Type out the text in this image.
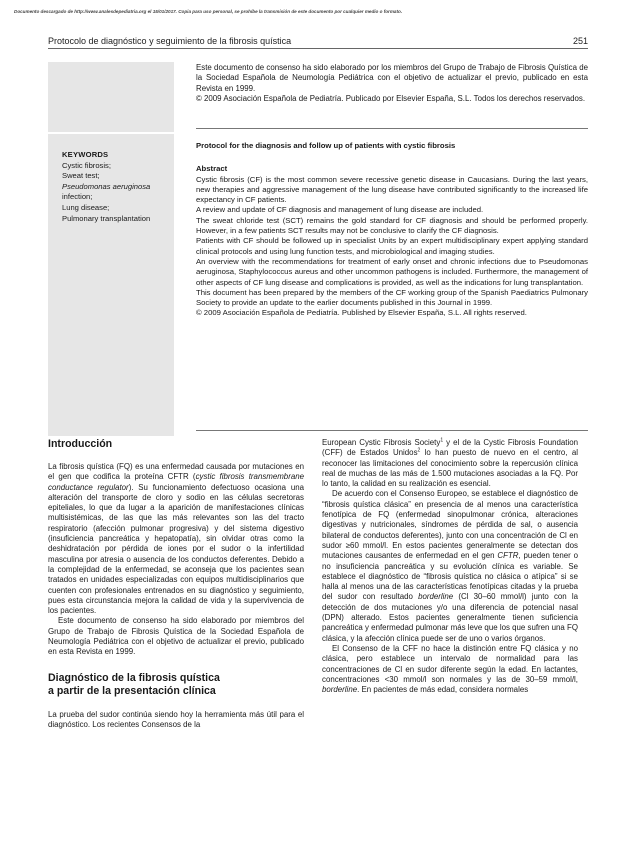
Documento descargado de http://www.analesdepediatria.org el 15/01/2017. Copia para uso personal, se prohíbe la transmisión de este documento por cualquier medio o formato.
Protocolo de diagnóstico y seguimiento de la fibrosis quística	251
Este documento de consenso ha sido elaborado por los miembros del Grupo de Trabajo de Fibrosis Quística de la Sociedad Española de Neumología Pediátrica con el objetivo de actualizar el previo, publicado en esta Revista en 1999.
© 2009 Asociación Española de Pediatría. Publicado por Elsevier España, S.L. Todos los derechos reservados.
KEYWORDS
Cystic fibrosis;
Sweat test;
Pseudomonas aeruginosa infection;
Lung disease;
Pulmonary transplantation
Protocol for the diagnosis and follow up of patients with cystic fibrosis
Abstract

Cystic fibrosis (CF) is the most common severe recessive genetic disease in Caucasians. During the last years, new therapies and aggressive management of the lung disease have contributed significantly to the increased life expectancy in CF patients.

A review and update of CF diagnosis and management of lung disease are included.

The sweat chloride test (SCT) remains the gold standard for CF diagnosis and should be performed properly. However, in a few patients SCT results may not be conclusive to clarify the CF diagnosis.

Patients with CF should be followed up in specialist Units by an expert multidisciplinary expert applying standard clinical protocols and using lung function tests, and microbiological and imaging studies.

An overview with the recommendations for treatment of early onset and chronic infections due to Pseudomonas aeruginosa, Staphylococcus aureus and other uncommon pathogens is included. Furthermore, the management of other aspects of CF lung disease and complications is provided, as well as the indications for lung transplantation.

This document has been prepared by the members of the CF working group of the Spanish Paediatrics Pulmonary Society to provide an update to the earlier documents published in this Journal in 1999.

© 2009 Asociación Española de Pediatría. Published by Elsevier España, S.L. All rights reserved.

Introducción

La fibrosis quística (FQ) es una enfermedad causada por mutaciones en el gen que codifica la proteína CFTR (cystic fibrosis transmembrane conductance regulator). Su funcionamiento defectuoso ocasiona una alteración del transporte de cloro y sodio en las células secretoras epiteliales, lo que da lugar a la aparición de manifestaciones clínicas multisistémicas, de las que las más relevantes son las del tracto respiratorio (afección pulmonar progresiva) y del sistema digestivo (insuficiencia pancreática y hepatopatía), sin olvidar otras como la deshidratación por pérdida de iones por el sudor o la infertilidad masculina por atresia o ausencia de los conductos deferentes. Debido a la complejidad de la enfermedad, se aconseja que los pacientes sean tratados en unidades especializadas con equipos multidisciplinarios que cuenten con profesionales entrenados en su diagnóstico y seguimiento, pues esta circunstancia mejora la calidad de vida y la supervivencia de los pacientes.

Este documento de consenso ha sido elaborado por miembros del Grupo de Trabajo de Fibrosis Quística de la Sociedad Española de Neumología Pediátrica con el objetivo de actualizar el previo, publicado en esta Revista en 1999.

Diagnóstico de la fibrosis quística
a partir de la presentación clínica

La prueba del sudor continúa siendo hoy la herramienta más útil para el diagnóstico. Los recientes Consensos de la

European Cystic Fibrosis Society$^1$ y el de la Cystic Fibrosis Foundation (CFF) de Estados Unidos$^2$ lo han puesto de nuevo en el centro, al reconocer las limitaciones del conocimiento sobre la repercusión clínica real de muchas de las más de 1.500 mutaciones asociadas a la FQ. Por lo tanto, la calidad en su realización es esencial.

De acuerdo con el Consenso Europeo, se establece el diagnóstico de “fibrosis quística clásica” en presencia de al menos una característica fenotípica de FQ (enfermedad sinopulmonar crónica, alteraciones digestivas y nutricionales, síndromes de pérdida de sal, o ausencia bilateral de conductos deferentes), junto con una concentración de Cl en sudor ≥60 mmol/l. En estos pacientes generalmente se detectan dos mutaciones causantes de enfermedad en el gen CFTR, pueden tener o no insuficiencia pancreática y su evolución clínica es variable. Se establece el diagnóstico de “fibrosis quística no clásica o atípica” si se halla al menos una de las características fenotípicas citadas y la prueba del sudor con resultado borderline (Cl 30–60 mmol/l) junto con la detección de dos mutaciones y/o una diferencia de potencial nasal (DPN) alterado. Estos pacientes generalmente tienen suficiencia pancreática y enfermedad pulmonar más leve que los que sufren una FQ clásica, y la afección clínica puede ser de uno o varios órganos.

El Consenso de la CFF no hace la distinción entre FQ clásica y no clásica, pero establece un intervalo de normalidad para las concentraciones de Cl en sudor diferente según la edad. En lactantes, concentraciones <30 mmol/l son normales y las de 30–59 mmol/l, borderline. En pacientes de más edad, considera normales
